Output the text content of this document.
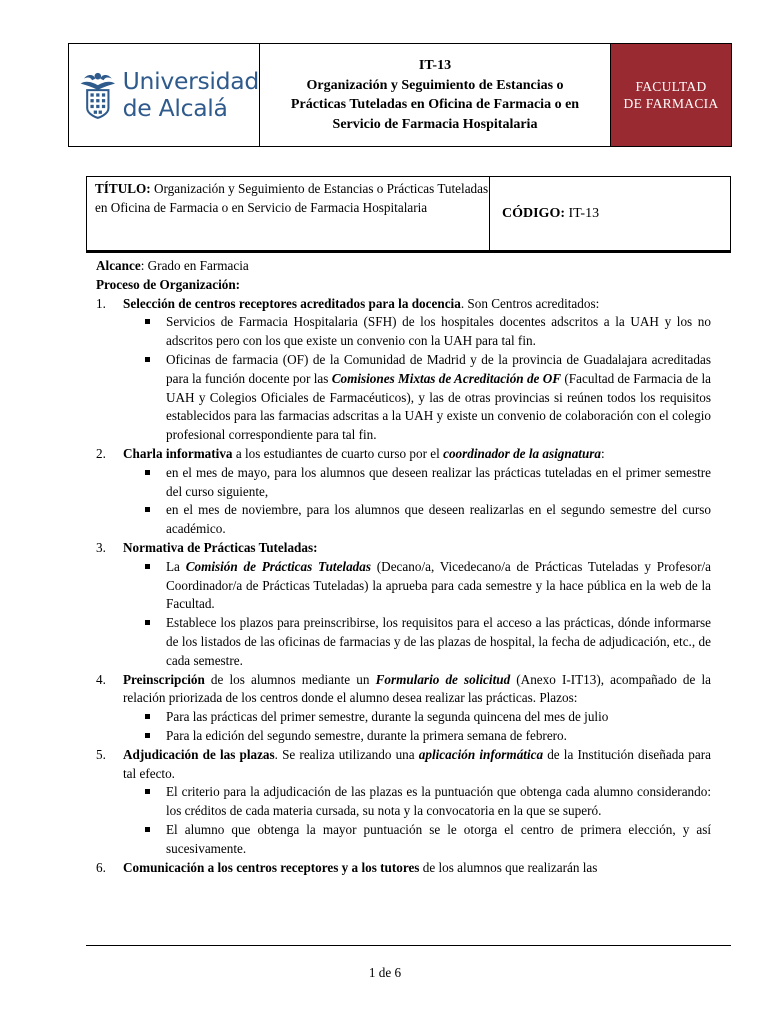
Universidad
de Alcalá
IT-13
Organización y Seguimiento de Estancias o
Prácticas Tuteladas en Oficina de Farmacia o en
Servicio de Farmacia Hospitalaria
FACULTAD
DE FARMACIA
TÍTULO: Organización y Seguimiento de Estancias o Prácticas Tuteladas en Oficina de Farmacia o en Servicio de Farmacia Hospitalaria	CÓDIGO:
IT-13

Alcance: Grado en Farmacia

Proceso de Organización:

1.	Selección de centros receptores acreditados para la docencia. Son Centros acreditados:
Servicios de Farmacia Hospitalaria (SFH) de los hospitales docentes adscritos a la UAH y los no adscritos pero con los que existe un convenio con la UAH para tal fin.
Oficinas de farmacia (OF) de la Comunidad de Madrid y de la provincia de Guadalajara acreditadas para la función docente por las Comisiones Mixtas de Acreditación de OF (Facultad de Farmacia de la UAH y Colegios Oficiales de Farmacéuticos), y las de otras provincias si reúnen todos los requisitos establecidos para las farmacias adscritas a la UAH y existe un convenio de colaboración con el colegio profesional correspondiente para tal fin.
2.	Charla informativa a los estudiantes de cuarto curso por el coordinador de la asignatura:
en el mes de mayo, para los alumnos que deseen realizar las prácticas tuteladas en el primer semestre del curso siguiente,
en el mes de noviembre, para los alumnos que deseen realizarlas en el segundo semestre del curso académico.
3.	Normativa de Prácticas Tuteladas:
La Comisión de Prácticas Tuteladas (Decano/a, Vicedecano/a de Prácticas Tuteladas y Profesor/a Coordinador/a de Prácticas Tuteladas) la aprueba para cada semestre y la hace pública en la web de la Facultad.
Establece los plazos para preinscribirse, los requisitos para el acceso a las prácticas, dónde informarse de los listados de las oficinas de farmacias y de las plazas de hospital, la fecha de adjudicación, etc., de cada semestre.
4.	Preinscripción de los alumnos mediante un Formulario de solicitud (Anexo I-IT13), acompañado de la relación priorizada de los centros donde el alumno desea realizar las prácticas. Plazos:
Para las prácticas del primer semestre, durante la segunda quincena del mes de julio
Para la edición del segundo semestre, durante la primera semana de febrero.
5.	Adjudicación de las plazas. Se realiza utilizando una aplicación informática de la Institución diseñada para tal efecto.
El criterio para la adjudicación de las plazas es la puntuación que obtenga cada alumno considerando: los créditos de cada materia cursada, su nota y la convocatoria en la que se superó.
El alumno que obtenga la mayor puntuación se le otorga el centro de primera elección, y así sucesivamente.
6.	Comunicación a los centros receptores y a los tutores de los alumnos que realizarán las
1 de 6
